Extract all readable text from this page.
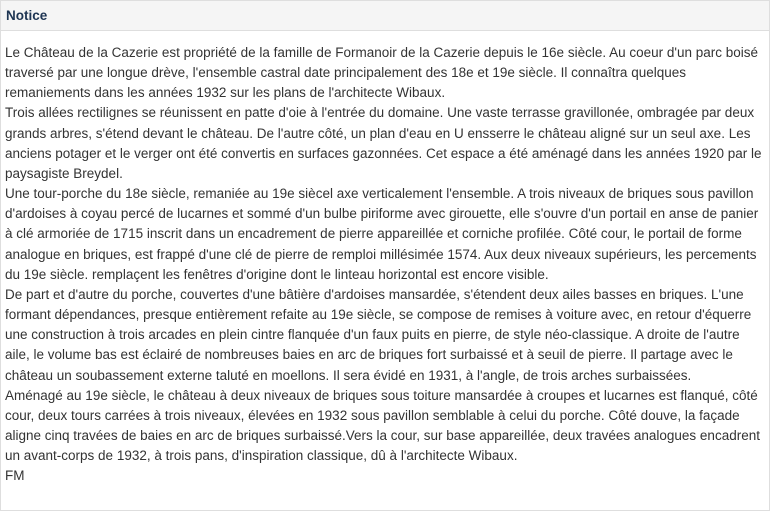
Notice

Le Château de la Cazerie est propriété de la famille de Formanoir de la Cazerie depuis le 16e siècle. Au coeur d'un parc boisé traversé par une longue drève, l'ensemble castral date principalement des 18e et 19e siècle. Il connaîtra quelques remaniements dans les années 1932 sur les plans de l'architecte Wibaux.

Trois allées rectilignes se réunissent en patte d'oie à l'entrée du domaine. Une vaste terrasse gravillonée, ombragée par deux grands arbres, s'étend devant le château. De l'autre côté, un plan d'eau en U ensserre le château aligné sur un seul axe. Les anciens potager et le verger ont été convertis en surfaces gazonnées. Cet espace a été aménagé dans les années 1920 par le paysagiste Breydel.

Une tour-porche du 18e siècle, remaniée au 19e siècel axe verticalement l'ensemble. A trois niveaux de briques sous pavillon d'ardoises à coyau percé de lucarnes et sommé d'un bulbe piriforme avec girouette, elle s'ouvre d'un portail en anse de panier à clé armoriée de 1715 inscrit dans un encadrement de pierre appareillée et corniche profilée. Côté cour, le portail de forme analogue en briques, est frappé d'une clé de pierre de remploi millésimée 1574. Aux deux niveaux supérieurs, les percements du 19e siècle. remplaçent les fenêtres d'origine dont le linteau horizontal est encore visible.

De part et d'autre du porche, couvertes d'une bâtière d'ardoises mansardée, s'étendent deux ailes basses en briques. L'une formant dépendances, presque entièrement refaite au 19e siècle, se compose de remises à voiture avec, en retour d'équerre une construction à trois arcades en plein cintre flanquée d'un faux puits en pierre, de style néo-classique. A droite de l'autre aile, le volume bas est éclairé de nombreuses baies en arc de briques fort surbaissé et à seuil de pierre. Il partage avec le château un soubassement externe taluté en moellons. Il sera évidé en 1931, à l'angle, de trois arches surbaissées.

Aménagé au 19e siècle, le château à deux niveaux de briques sous toiture mansardée à croupes et lucarnes est flanqué, côté cour, deux tours carrées à trois niveaux, élevées en 1932 sous pavillon semblable à celui du porche. Côté douve, la façade aligne cinq travées de baies en arc de briques surbaissé.Vers la cour, sur base appareillée, deux travées analogues encadrent un avant-corps de 1932, à trois pans, d'inspiration classique, dû à l'architecte Wibaux.

FM
